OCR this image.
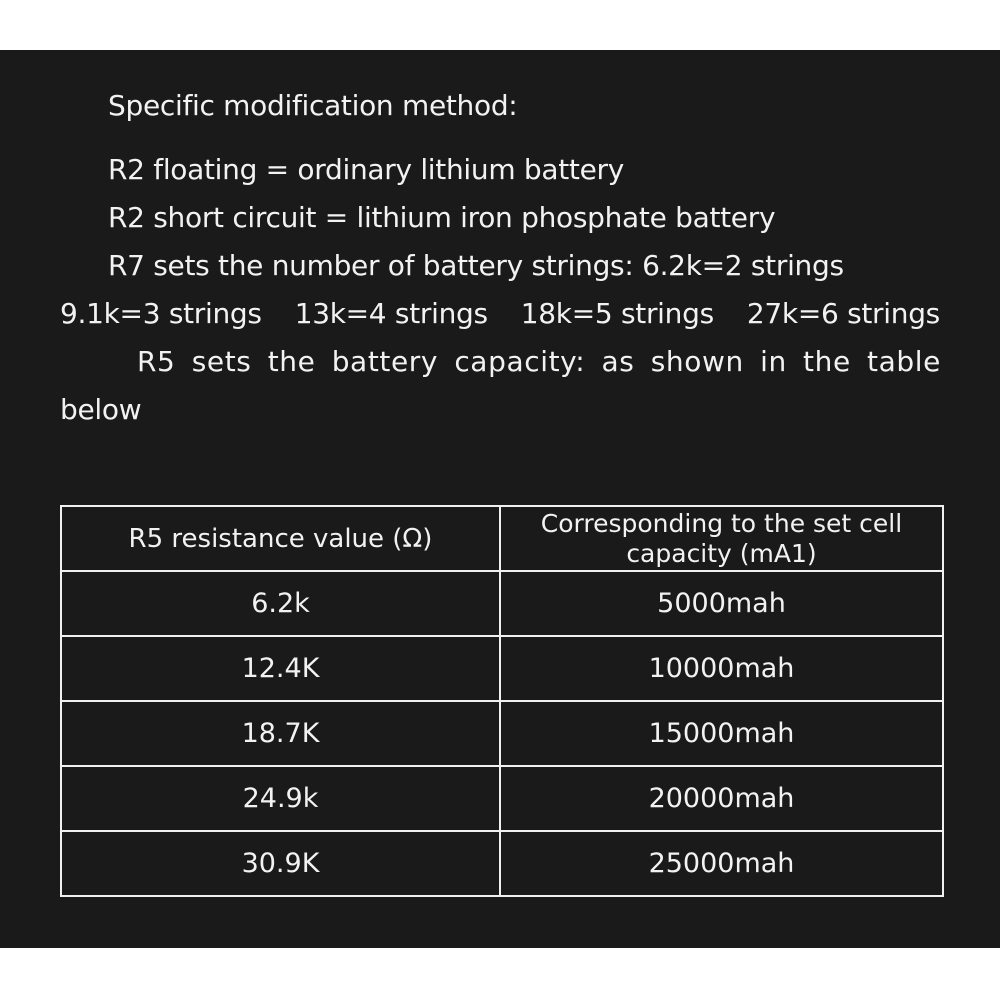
Specific modification method:
R2 floating = ordinary lithium battery
R2 short circuit = lithium iron phosphate battery
R7 sets the number of battery strings: 6.2k=2 strings
9.1k=3 strings 13k=4 strings 18k=5 strings 27k=6 strings
R5 sets the battery capacity: as shown in the table
below
R5 resistance value (Ω)	Corresponding to the set cell capacity (mA1)
6.2k	5000mah
12.4K	10000mah
18.7K	15000mah
24.9k	20000mah
30.9K	25000mah
